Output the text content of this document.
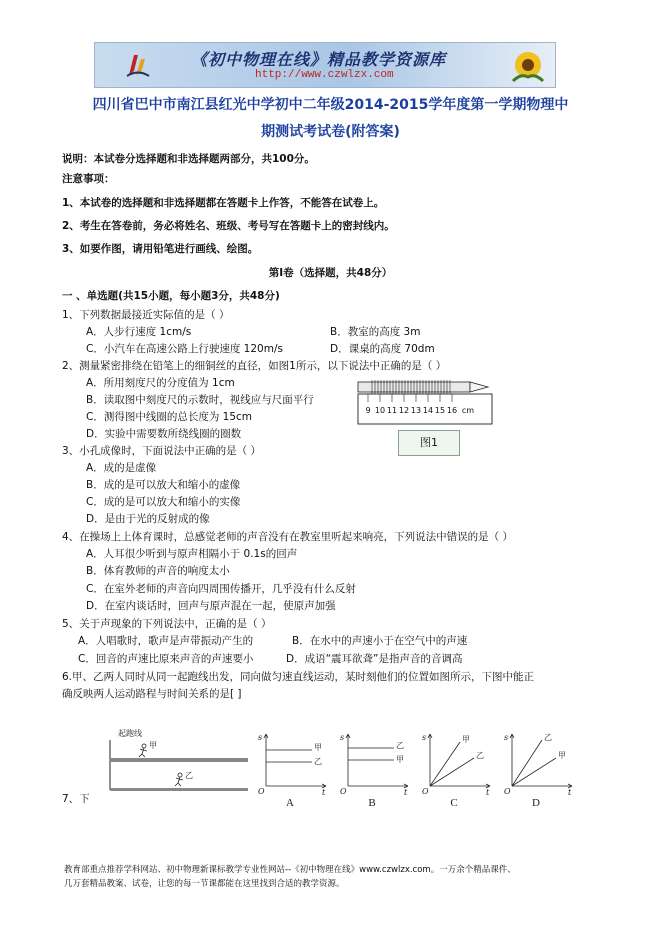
《初中物理在线》精品教学资源库
http://www.czwlzx.com
四川省巴中市南江县红光中学初中二年级2014-2015学年度第一学期物理中
期测试考试卷(附答案)
说明：本试卷分选择题和非选择题两部分，共100分。
注意事项：
1、本试卷的选择题和非选择题都在答题卡上作答，不能答在试卷上。
2、考生在答卷前，务必将姓名、班级、考号写在答题卡上的密封线内。
3、如要作图，请用铅笔进行画线、绘图。
第Ⅰ卷（选择题，共48分）
一 、单选题(共15小题，每小题3分，共48分)
1、下列数据最接近实际值的是（ ）
A．人步行速度 1cm/s	B．教室的高度 3m
C．小汽车在高速公路上行驶速度 120m/s	D．课桌的高度 70dm
2、测量紧密排绕在铅笔上的细铜丝的直径，如图1所示，以下说法中正确的是（ ）
A．所用刻度尺的分度值为 1cm
B．读取图中刻度尺的示数时，视线应与尺面平行
C．测得图中线圈的总长度为 15cm
D．实验中需要数所绕线圈的圈数
9 10 11 12 13 14 15 16 cm
图1
3、小孔成像时，下面说法中正确的是（ ）
A．成的是虚像
B．成的是可以放大和缩小的虚像
C．成的是可以放大和缩小的实像
D．是由于光的反射成的像
4、在操场上上体育课时，总感觉老师的声音没有在教室里听起来响亮，下列说法中错误的是（ ）
A．人耳很少听到与原声相隔小于 0.1s的回声
B．体育教师的声音的响度太小
C．在室外老师的声音向四周围传播开，几乎没有什么反射
D．在室内谈话时，回声与原声混在一起，使原声加强
5、关于声现象的下列说法中，正确的是（ ）
A．人唱歌时，歌声是声带振动产生的	B．在水中的声速小于在空气中的声速
C．回音的声速比原来声音的声速要小	D．成语“震耳欲聋”是指声音的音调高
6.甲、乙两人同时从同一起跑线出发，同向做匀速直线运动，某时刻他们的位置如图所示，下图中能正
确反映两人运动路程与时间关系的是[ ]
起跑线
甲
乙
s
t
O
甲
乙
s
t
O
乙
甲
s
t
O
甲
乙
s
t
O
乙
甲
A	B	C	D
7、下
教育部重点推荐学科网站、初中物理新课标教学专业性网站--《初中物理在线》www.czwlzx.com。一万余个精品课件、
几万套精品教案、试卷，让您的每一节课都能在这里找到合适的教学资源。
